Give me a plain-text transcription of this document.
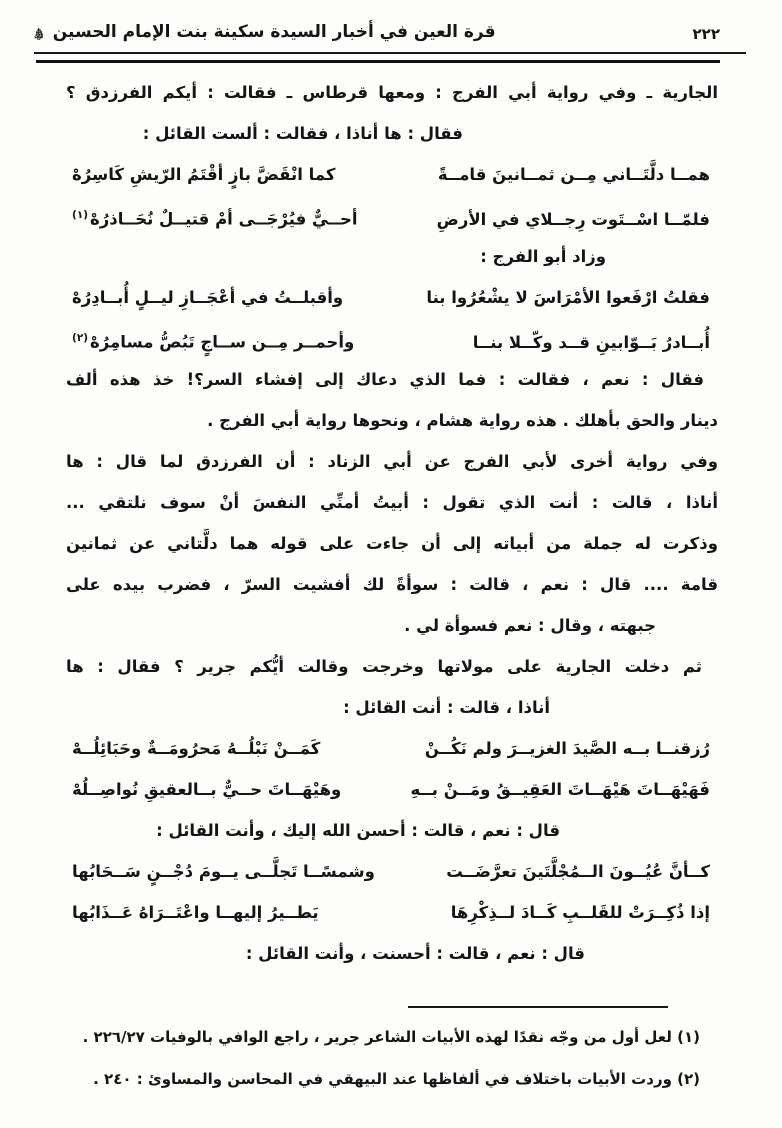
٢٢٢
قرة العين في أخبار السيدة سكينة بنت الإمام الحسين ﵋
الجارية ـ وفي رواية أبي الفرج : ومعها قرطاس ـ فقالت : أيكم الفرزدق ؟
فقال : ها أناذا ، فقالت : ألست القائل :
همــا دلَّتَــاني مِــن ثمــانينَ قامــةً
كما انْقَضَّ بازٍ أقْتَمُ الرّيشِ كَاسِرُهْ
فلمّــا اسْــتَوت رِجــلاي في الأرضِ
أحــيٌّ فيُرْجَــى أمْ قتيــلٌ نُحَــاذرُهْ$^{(١)}$
وزاد أبو الفرج :
فقلتُ ارْفَعوا الأمْرَاسَ لا يشْعُرُوا بنا
وأقبلــتُ في أعْجَــازِ ليــلٍ أُبــادِرُهْ
أُبــادرُ بَــوّابينِ قــد وكّــلا بنــا
وأحمــر مِــن ســاجٍ تَبُصُّ مسامِرُهْ$^{(٢)}$
فقال : نعم ، فقالت : فما الذي دعاك إلى إفشاء السر؟! خذ هذه ألف
دينار والحق بأهلك . هذه رواية هشام ، ونحوها رواية أبي الفرج .
وفي رواية أخرى لأبي الفرج عن أبي الزناد : أن الفرزدق لما قال : ها
أناذا ، قالت : أنت الذي تقول : أبيتُ أمنِّي النفسَ أنْ سوف نلتقي ...
وذكرت له جملة من أبياته إلى أن جاءت على قوله هما دلَّتاني عن ثمانين
قامة .... قال : نعم ، قالت : سوأةً لك أفشيت السرّ ، فضرب بيده على
جبهته ، وقال : نعم فسوأة لي .
ثم دخلت الجارية على مولاتها وخرجت وقالت أيُّكم جرير ؟ فقال : ها
أناذا ، قالت : أنت القائل :
رُزقنــا بــه الصَّيدَ الغزيــرَ ولم نَكُــنْ
كَمَــنْ نَبْلُــهُ مَحرُومَــةٌ وحَبَائِلُــهْ
فَهَيْهَــاتَ هَيْهَــاتَ العَقِيــقُ ومَــنْ بــهِ
وهَيْهَــاتَ حــيٌّ بــالعقيقِ نُواصِــلُهْ
قال : نعم ، قالت : أحسن الله إليك ، وأنت القائل :
كــأنَّ عُيُــونَ الــمُجْلَّتَينَ تعرَّضَــت
وشمسًــا تَجلَّــى يــومَ دُجْــنٍ سَــحَابُها
إذا ذُكِــرَتْ للقَلــبِ كَــادَ لــذِكْرِهَا
يَطــيرُ إليهــا واعْتَــرَاهُ عَــذَابُها
قال : نعم ، قالت : أحسنت ، وأنت القائل :
(١) لعل أول من وجّه نقدًا لهذه الأبيات الشاعر جرير ، راجع الوافي بالوفيات ٢٢٦/٢٧ .
(٢) وردت الأبيات باختلاف في ألفاظها عند البيهقي في المحاسن والمساوئ : ٢٤٠ .
